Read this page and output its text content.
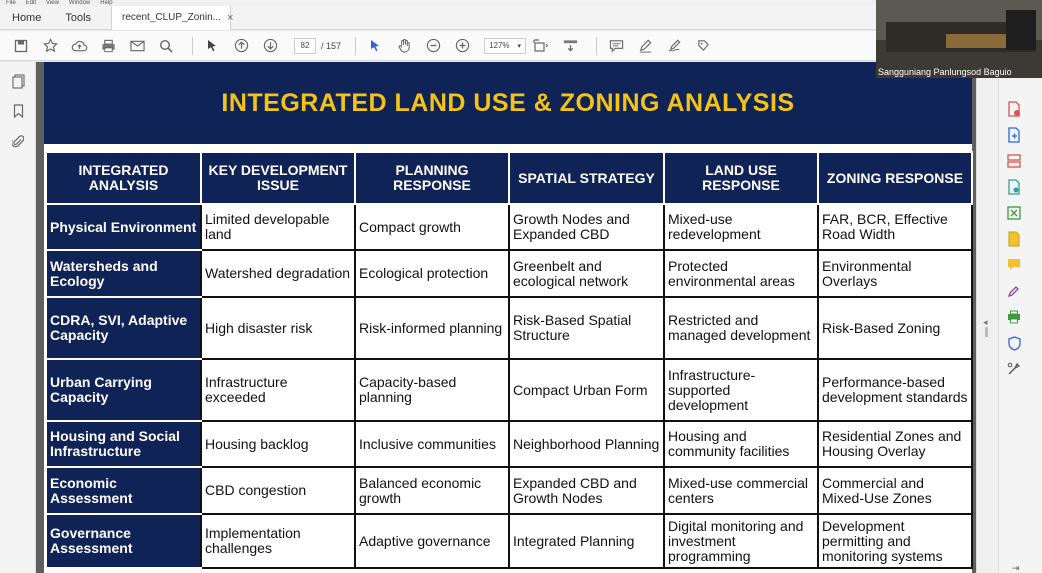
File Edit View Window Help
Home	Tools	recent_CLUP_Zonin... ×
82	/
157	127% ▾
INTEGRATED LAND USE & ZONING ANALYSIS
INTEGRATED ANALYSIS	KEY DEVELOPMENT ISSUE	PLANNING RESPONSE	SPATIAL STRATEGY	LAND USE RESPONSE	ZONING RESPONSE
Physical Environment	Limited developable land	Compact growth	Growth Nodes and Expanded CBD	Mixed-use redevelopment	FAR, BCR, Effective Road Width
Watersheds and Ecology	Watershed degradation	Ecological protection	Greenbelt and ecological network	Protected environmental areas	Environmental Overlays
CDRA, SVI, Adaptive Capacity	High disaster risk	Risk-informed planning	Risk-Based Spatial Structure	Restricted and managed development	Risk-Based Zoning
Urban Carrying Capacity	Infrastructure exceeded	Capacity-based planning	Compact Urban Form	Infrastructure-supported development	Performance-based development standards
Housing and Social Infrastructure	Housing backlog	Inclusive communities	Neighborhood Planning	Housing and community facilities	Residential Zones and Housing Overlay
Economic Assessment	CBD congestion	Balanced economic growth	Expanded CBD and Growth Nodes	Mixed-use commercial centers	Commercial and Mixed-Use Zones
Governance Assessment	Implementation challenges	Adaptive governance	Integrated Planning	Digital monitoring and investment programming	Development permitting and monitoring systems
◂
Sangguniang Panlungsod Baguio
⇥
